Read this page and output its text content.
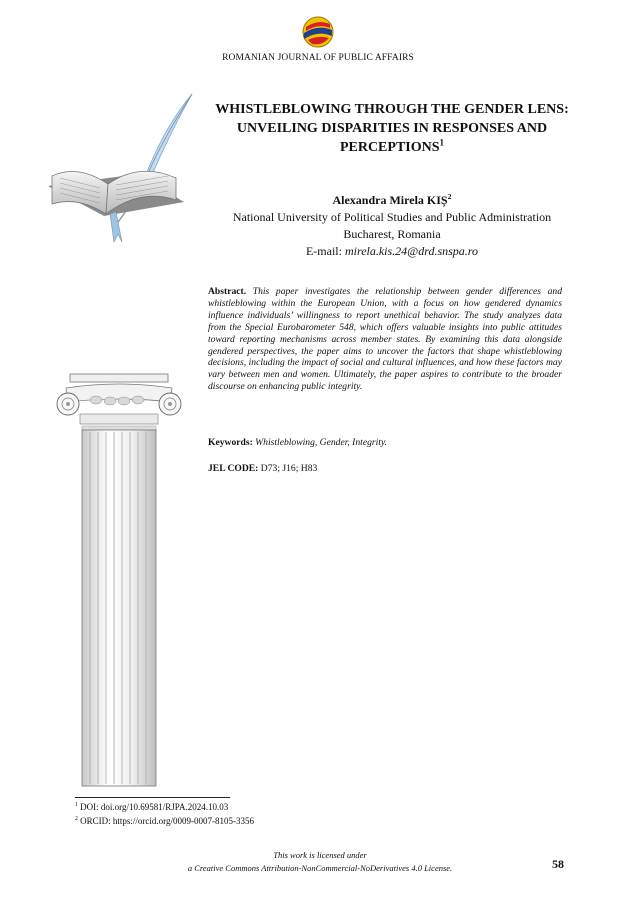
ROMANIAN JOURNAL OF PUBLIC AFFAIRS
WHISTLEBLOWING THROUGH THE GENDER LENS: UNVEILING DISPARITIES IN RESPONSES AND PERCEPTIONS$^1$
Alexandra Mirela KIȘ$^2$
National University of Political Studies and Public Administration
Bucharest, Romania
E-mail: mirela.kis.24@drd.snspa.ro
Abstract. This paper investigates the relationship between gender differences and whistleblowing within the European Union, with a focus on how gendered dynamics influence individuals’ willingness to report unethical behavior. The study analyzes data from the Special Eurobarometer 548, which offers valuable insights into public attitudes toward reporting mechanisms across member states. By examining this data alongside gendered perspectives, the paper aims to uncover the factors that shape whistleblowing decisions, including the impact of social and cultural influences, and how these factors may vary between men and women. Ultimately, the paper aspires to contribute to the broader discourse on enhancing public integrity.
Keywords: Whistleblowing, Gender, Integrity.
JEL CODE: D73; J16; H83
$^1$ DOI: doi.org/10.69581/RJPA.2024.10.03
$^2$ ORCID: https://orcid.org/0009-0007-8105-3356
This work is licensed under
a Creative Commons Attribution-NonCommercial-NoDerivatives 4.0 License.	58
